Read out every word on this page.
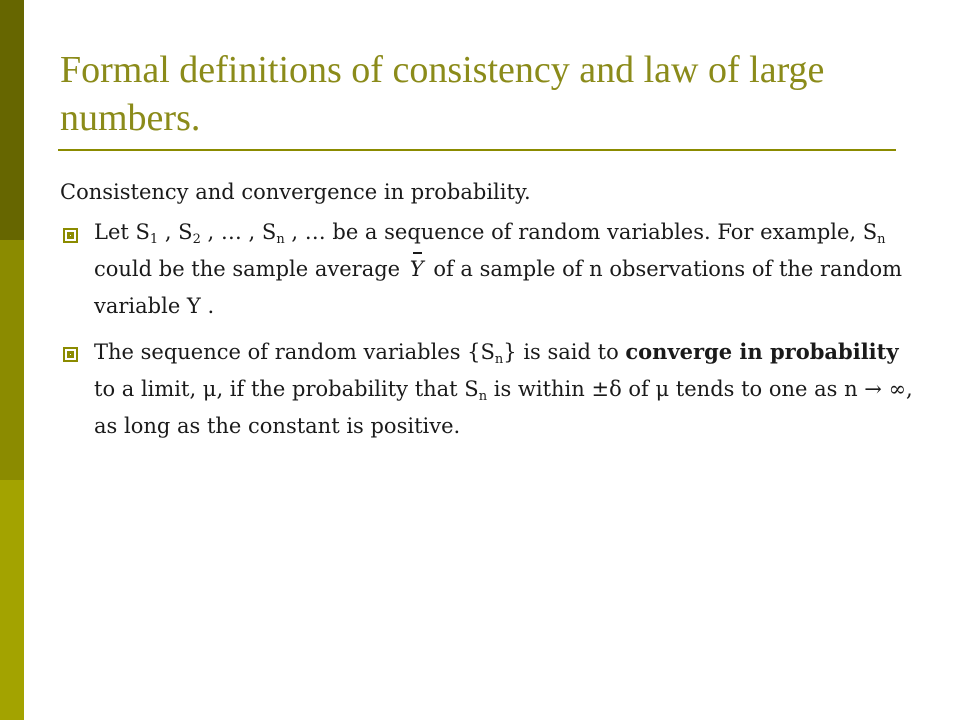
Formal definitions of consistency and law of large numbers.

Consistency and convergence in probability.

Let $S_1$ , $S_2$ , … , $S_n$ , … be a sequence of random variables. For example, $S_n$ could be the sample average Y of a sample of n observations of the random variable Y .

The sequence of random variables $\{S_n\}$ is said to converge in probability to a limit, μ, if the probability that $S_n$ is within ±δ of μ tends to one as n → ∞, as long as the constant is positive.
